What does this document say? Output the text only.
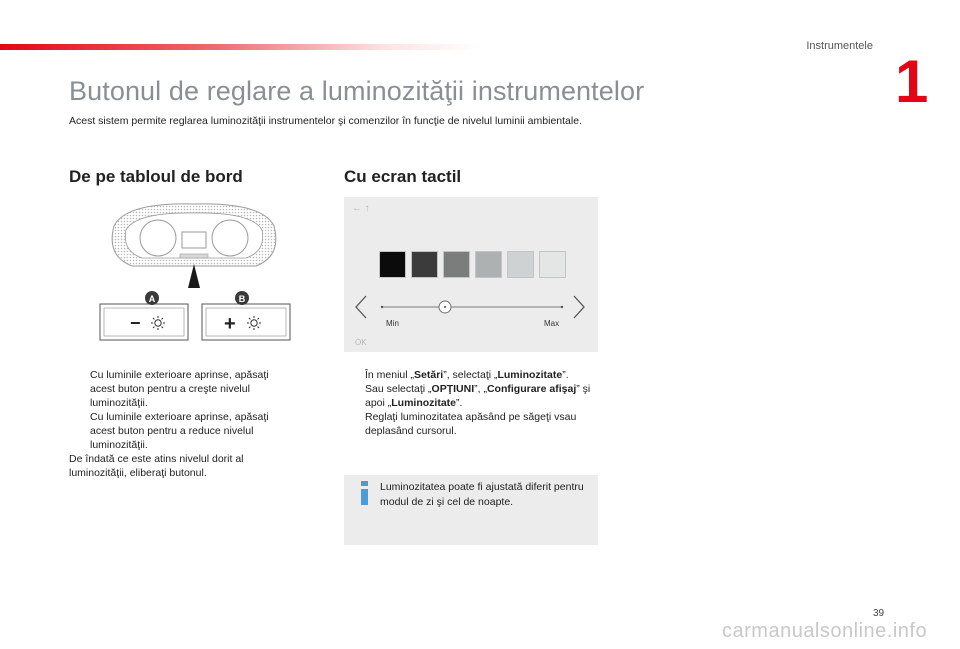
Instrumentele
1
Butonul de reglare a luminozităţii instrumentelor

Acest sistem permite reglarea luminozităţii instrumentelor şi comenzilor în funcţie de nivelul luminii ambientale.

De pe tabloul de bord	Cu ecran tactil
−
A
+
B
← ↑
Min	Max
OK
Cu luminile exterioare aprinse, apăsaţi acest buton pentru a creşte nivelul luminozităţii.
Cu luminile exterioare aprinse, apăsaţi acest buton pentru a reduce nivelul luminozităţii.
De îndată ce este atins nivelul dorit al luminozităţii, eliberaţi butonul.
În meniul „Setări”, selectaţi „Luminozitate”.
Sau selectaţi „OPŢIUNI”, „Configurare afişaj” şi apoi „Luminozitate”.
Reglaţi luminozitatea apăsând pe săgeţi vsau deplasând cursorul.
Luminozitatea poate fi ajustată diferit pentru modul de zi şi cel de noapte.
39
carmanualsonline.info
